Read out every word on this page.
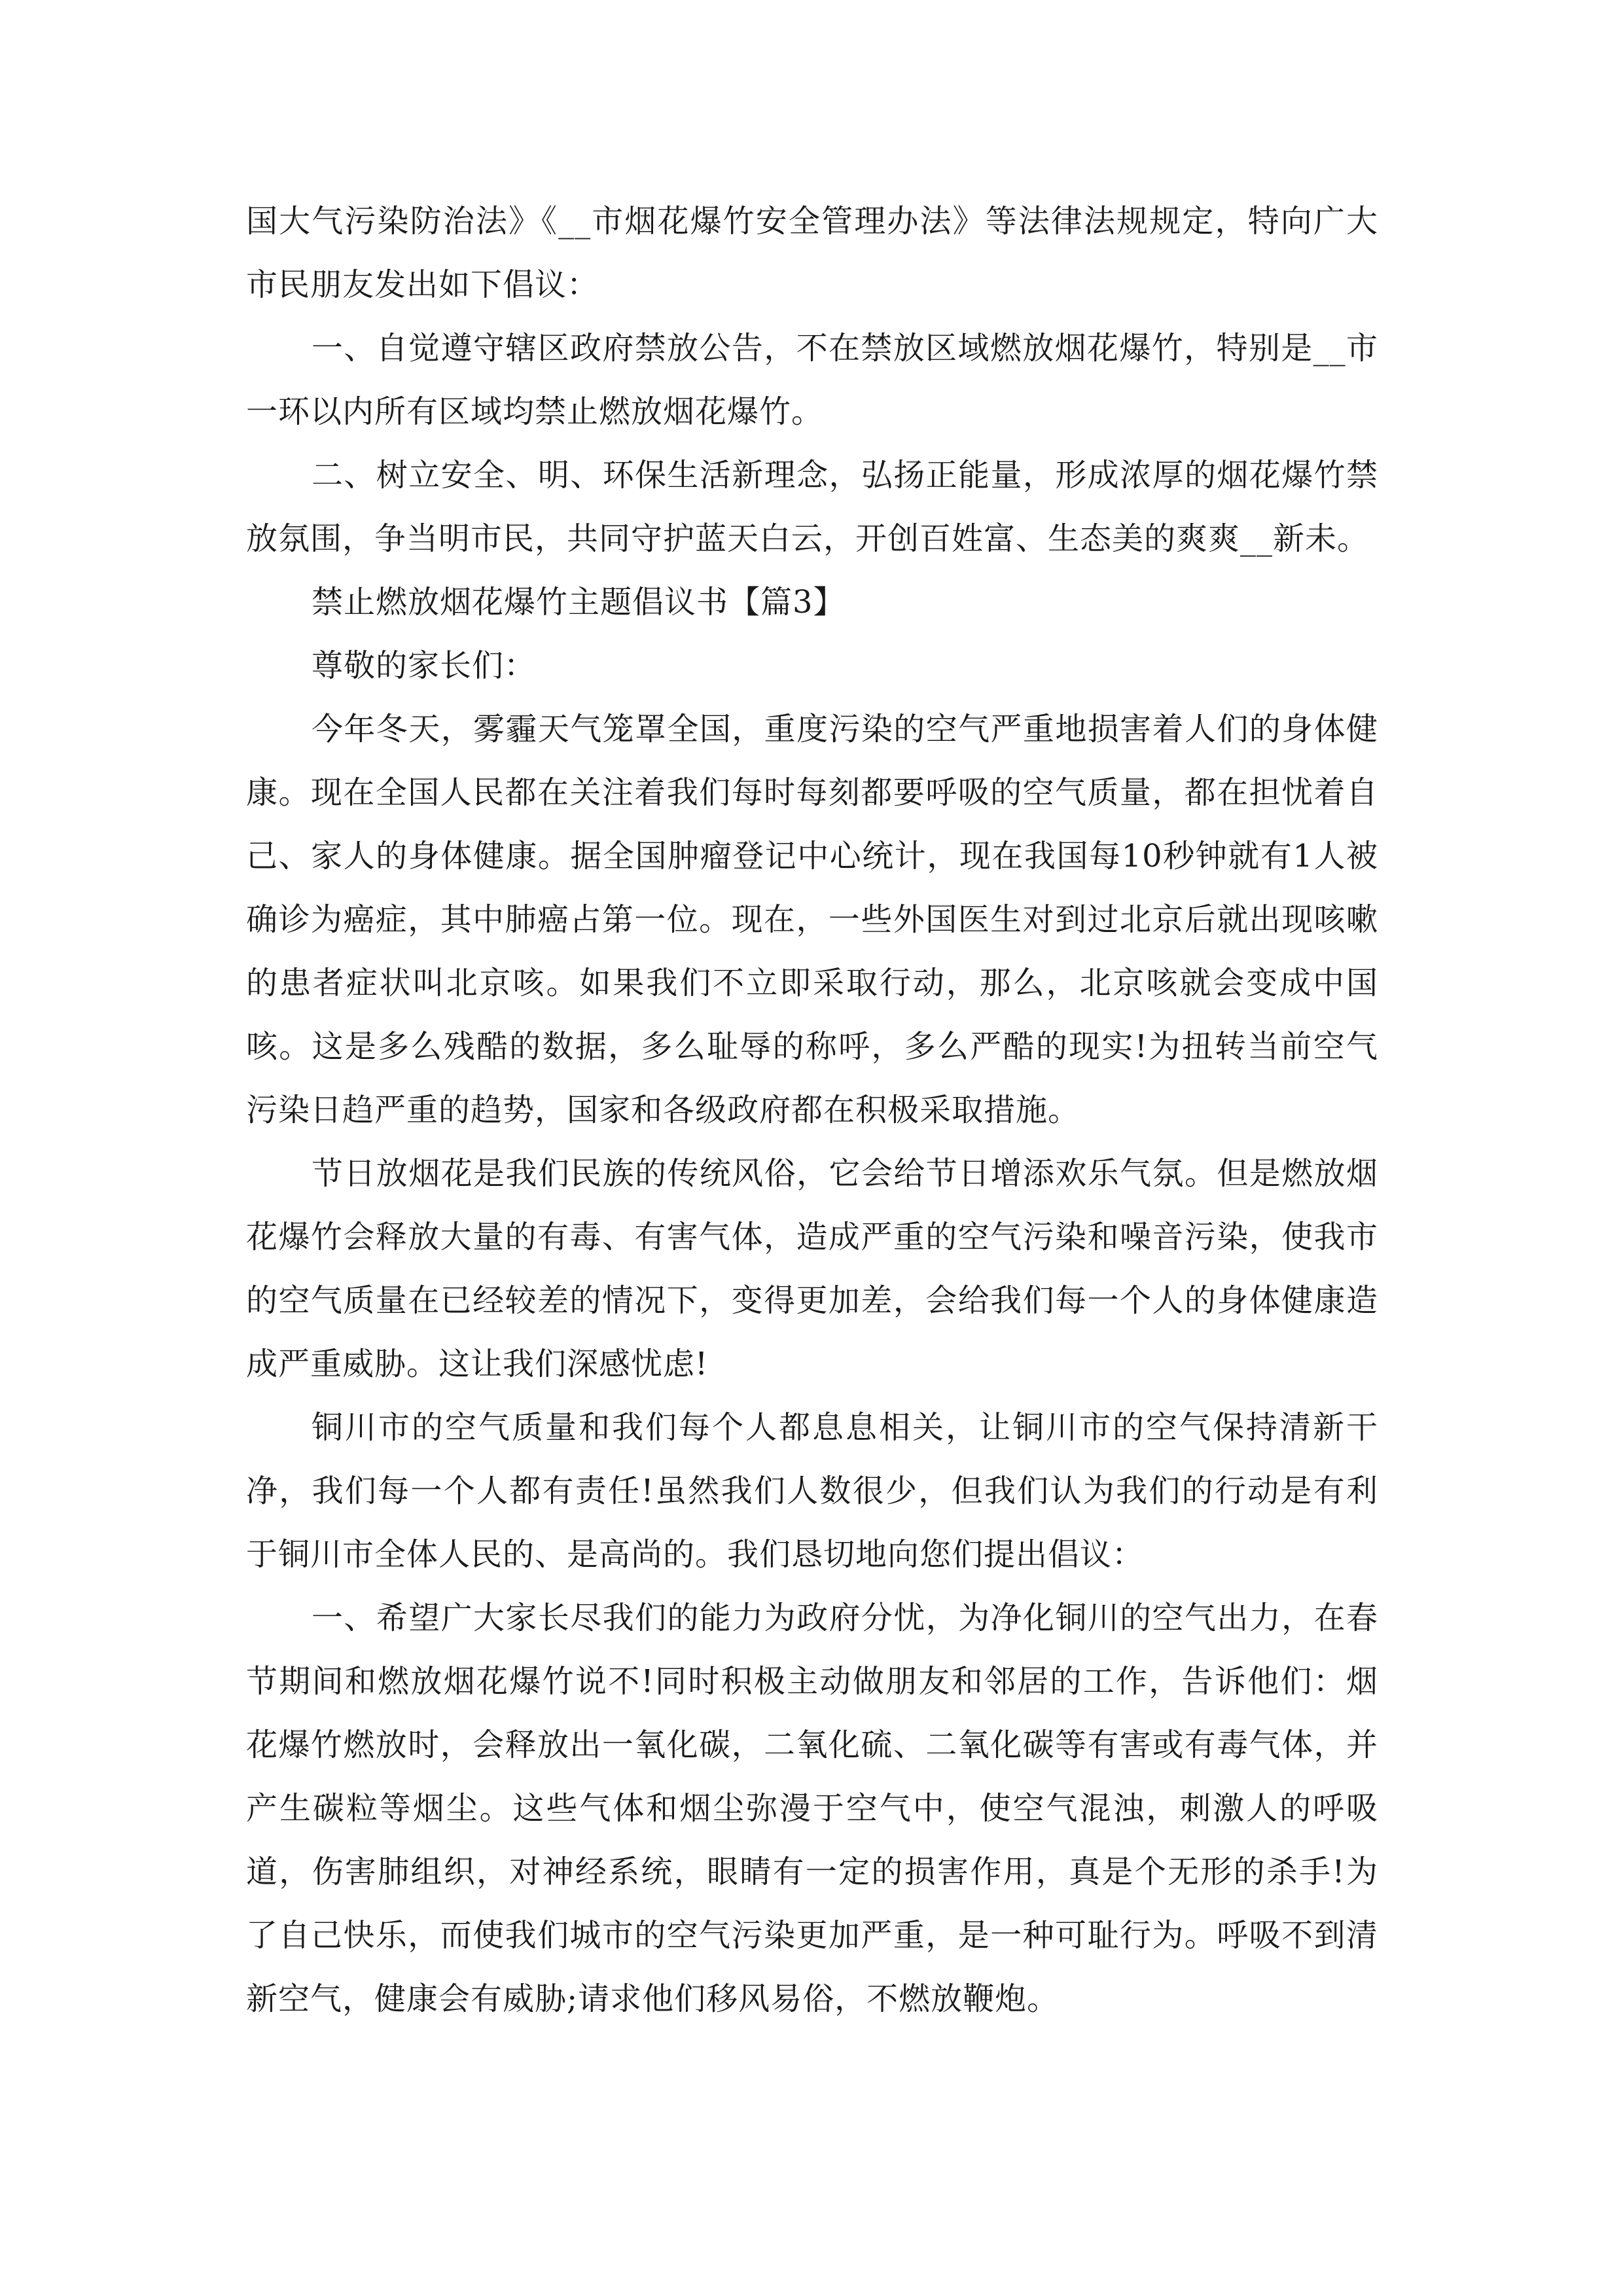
国大气污染防治法》《__市烟花爆竹安全管理办法》等法律法规规定，特向广大市民朋友发出如下倡议：

一、自觉遵守辖区政府禁放公告，不在禁放区域燃放烟花爆竹，特别是__市一环以内所有区域均禁止燃放烟花爆竹。

二、树立安全、明、环保生活新理念，弘扬正能量，形成浓厚的烟花爆竹禁放氛围，争当明市民，共同守护蓝天白云，开创百姓富、生态美的爽爽__新未。

禁止燃放烟花爆竹主题倡议书【篇3】

尊敬的家长们：

今年冬天，雾霾天气笼罩全国，重度污染的空气严重地损害着人们的身体健康。现在全国人民都在关注着我们每时每刻都要呼吸的空气质量，都在担忧着自己、家人的身体健康。据全国肿瘤登记中心统计，现在我国每10秒钟就有1人被确诊为癌症，其中肺癌占第一位。现在，一些外国医生对到过北京后就出现咳嗽的患者症状叫北京咳。如果我们不立即采取行动，那么，北京咳就会变成中国咳。这是多么残酷的数据，多么耻辱的称呼，多么严酷的现实!为扭转当前空气污染日趋严重的趋势，国家和各级政府都在积极采取措施。

节日放烟花是我们民族的传统风俗，它会给节日增添欢乐气氛。但是燃放烟花爆竹会释放大量的有毒、有害气体，造成严重的空气污染和噪音污染，使我市的空气质量在已经较差的情况下，变得更加差，会给我们每一个人的身体健康造成严重威胁。这让我们深感忧虑!

铜川市的空气质量和我们每个人都息息相关，让铜川市的空气保持清新干净，我们每一个人都有责任!虽然我们人数很少，但我们认为我们的行动是有利于铜川市全体人民的、是高尚的。我们恳切地向您们提出倡议：

一、希望广大家长尽我们的能力为政府分忧，为净化铜川的空气出力，在春节期间和燃放烟花爆竹说不!同时积极主动做朋友和邻居的工作，告诉他们：烟花爆竹燃放时，会释放出一氧化碳，二氧化硫、二氧化碳等有害或有毒气体，并产生碳粒等烟尘。这些气体和烟尘弥漫于空气中，使空气混浊，刺激人的呼吸道，伤害肺组织，对神经系统，眼睛有一定的损害作用，真是个无形的杀手!为了自己快乐，而使我们城市的空气污染更加严重，是一种可耻行为。呼吸不到清新空气，健康会有威胁;请求他们移风易俗，不燃放鞭炮。
